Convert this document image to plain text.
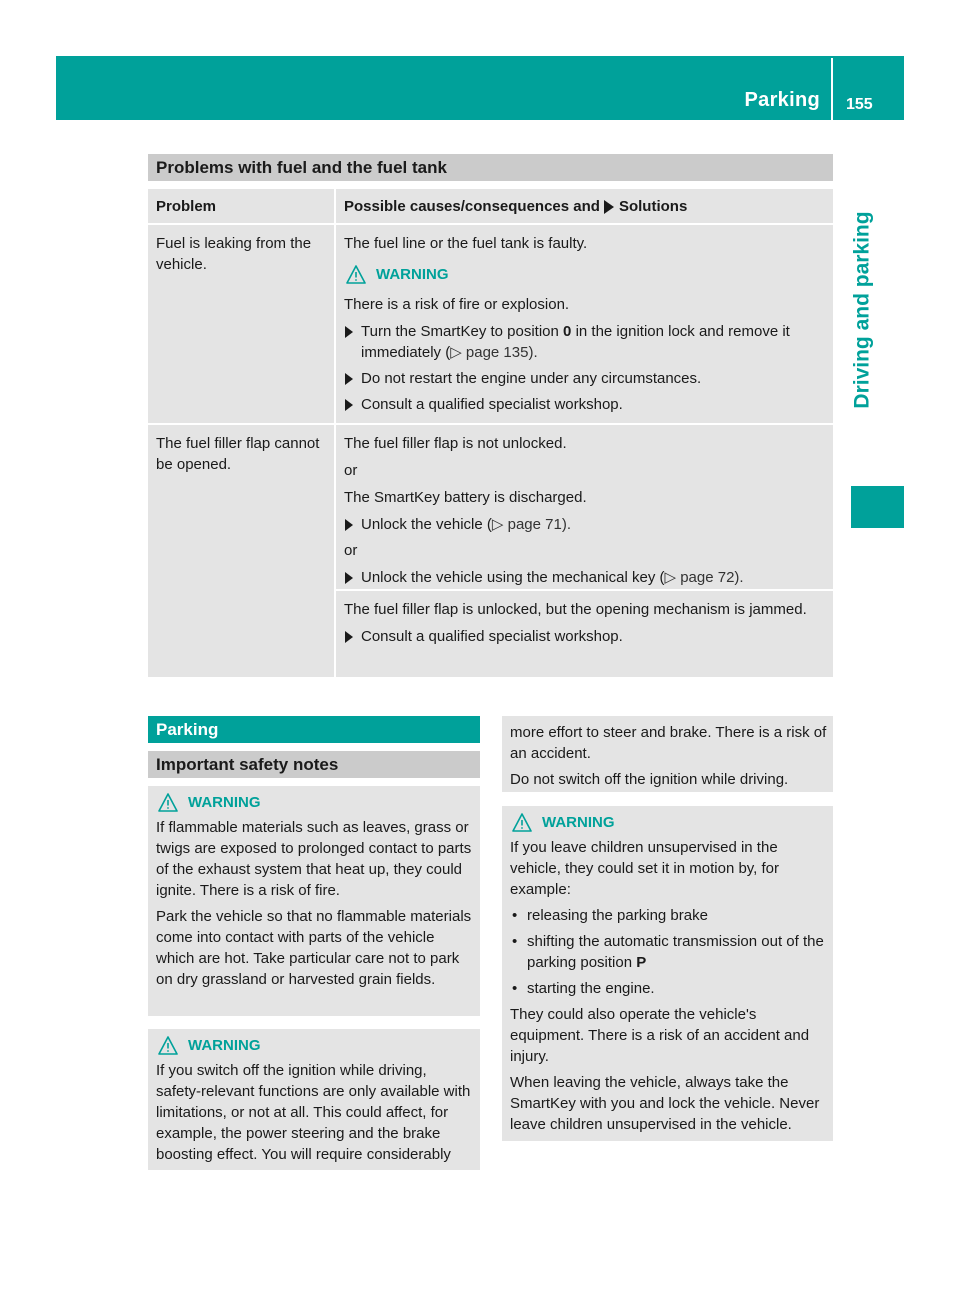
Parking 155
Driving and parking
Problems with fuel and the fuel tank
Problem	Possible causes/consequences and Solutions

Fuel is leaking from the vehicle.

The fuel line or the fuel tank is faulty.

WARNING

There is a risk of fire or explosion.

Turn the SmartKey to position 0 in the ignition lock and remove it immediately (▷ page 135).
Do not restart the engine under any circumstances.
Consult a qualified specialist workshop.

The fuel filler flap cannot be opened.

The fuel filler flap is not unlocked.

or

The SmartKey battery is discharged.

Unlock the vehicle (▷ page 71).

or

Unlock the vehicle using the mechanical key (▷ page 72).

The fuel filler flap is unlocked, but the opening mechanism is jammed.

Consult a qualified specialist workshop.
Parking
Important safety notes
WARNING

If flammable materials such as leaves, grass or twigs are exposed to prolonged contact to parts of the exhaust system that heat up, they could ignite. There is a risk of fire.

Park the vehicle so that no flammable materials come into contact with parts of the vehicle which are hot. Take particular care not to park on dry grassland or harvested grain fields.

WARNING

If you switch off the ignition while driving, safety-relevant functions are only available with limitations, or not at all. This could affect, for example, the power steering and the brake boosting effect. You will require considerably

more effort to steer and brake. There is a risk of an accident.

Do not switch off the ignition while driving.

WARNING

If you leave children unsupervised in the vehicle, they could set it in motion by, for example:

• releasing the parking brake
• shifting the automatic transmission out of the parking position P
• starting the engine.

They could also operate the vehicle's equipment. There is a risk of an accident and injury.

When leaving the vehicle, always take the SmartKey with you and lock the vehicle. Never leave children unsupervised in the vehicle.
